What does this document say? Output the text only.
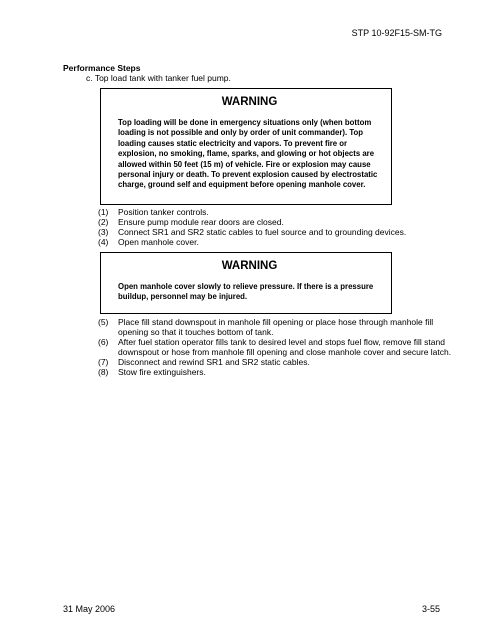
STP 10-92F15-SM-TG
Performance Steps
c. Top load tank with tanker fuel pump.
WARNING

Top loading will be done in emergency situations only (when bottom loading is not possible and only by order of unit commander). Top loading causes static electricity and vapors. To prevent fire or explosion, no smoking, flame, sparks, and glowing or hot objects are allowed within 50 feet (15 m) of vehicle. Fire or explosion may cause personal injury or death. To prevent explosion caused by electrostatic charge, ground self and equipment before opening manhole cover.

(1) Position tanker controls.
(2) Ensure pump module rear doors are closed.
(3) Connect SR1 and SR2 static cables to fuel source and to grounding devices.
(4) Open manhole cover.
WARNING

Open manhole cover slowly to relieve pressure. If there is a pressure buildup, personnel may be injured.

(5) Place fill stand downspout in manhole fill opening or place hose through manhole fill opening so that it touches bottom of tank.
(6) After fuel station operator fills tank to desired level and stops fuel flow, remove fill stand downspout or hose from manhole fill opening and close manhole cover and secure latch.
(7) Disconnect and rewind SR1 and SR2 static cables.
(8) Stow fire extinguishers.
31 May 2006	3-55
